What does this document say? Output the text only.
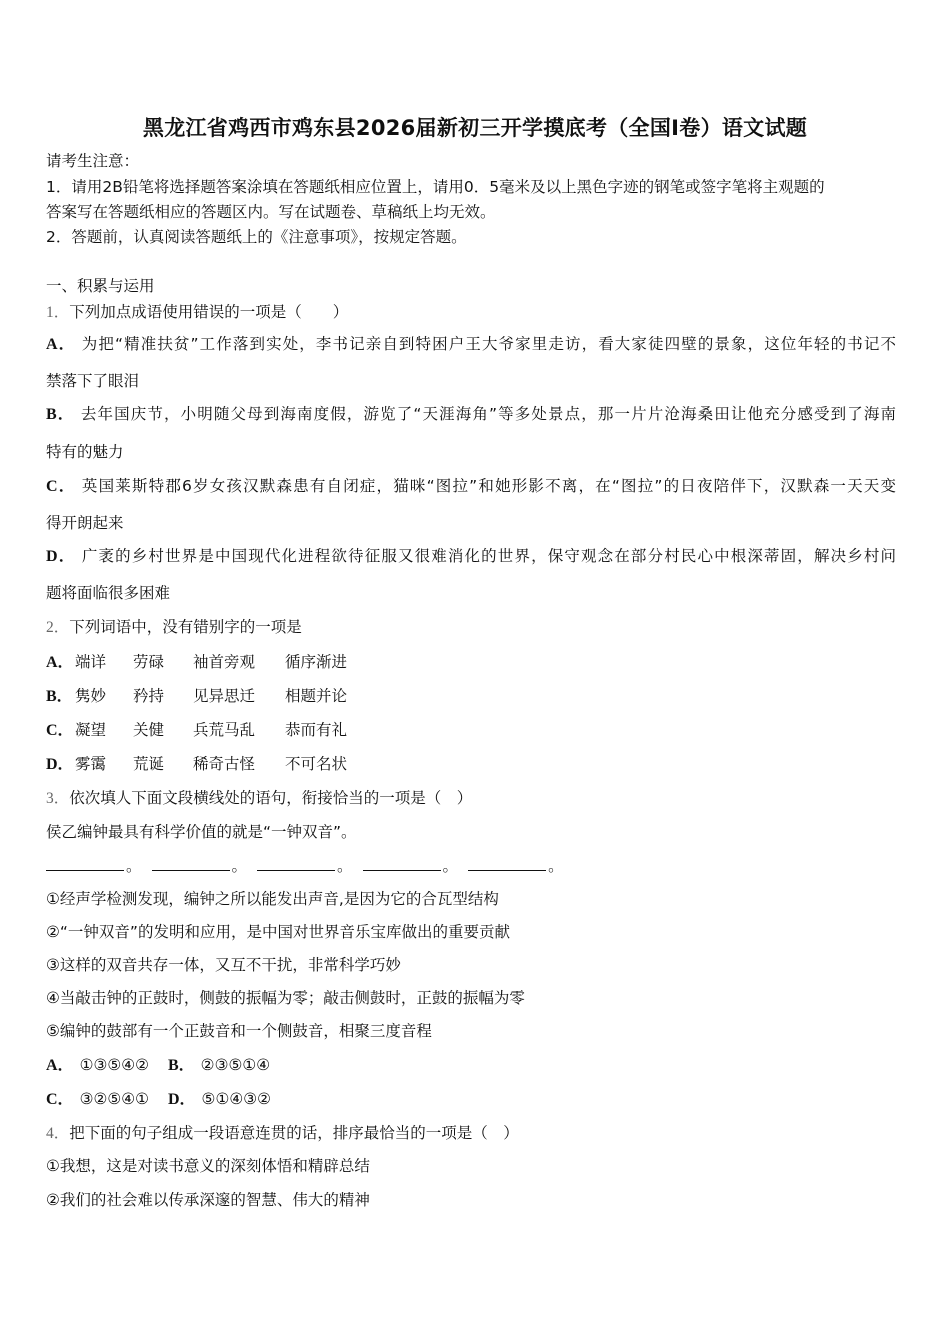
黑龙江省鸡西市鸡东县2026届新初三开学摸底考（全国Ⅰ卷）语文试题
请考生注意：
1．请用2B铅笔将选择题答案涂填在答题纸相应位置上，请用0．5毫米及以上黑色字迹的钢笔或签字笔将主观题的
答案写在答题纸相应的答题区内。写在试题卷、草稿纸上均无效。
2．答题前，认真阅读答题纸上的《注意事项》，按规定答题。
一、积累与运用
1．下列加点成语使用错误的一项是（　　）
A． 为把“精准扶贫”工作落到实处，李书记亲自到特困户王大爷家里走访，看大家徒四壁的景象，这位年轻的书记不
禁落下了眼泪
B． 去年国庆节，小明随父母到海南度假，游览了“天涯海角”等多处景点，那一片片沧海桑田让他充分感受到了海南
特有的魅力
C． 英国莱斯特郡6岁女孩汉默森患有自闭症，猫咪“图拉”和她形影不离，在“图拉”的日夜陪伴下，汉默森一天天变
得开朗起来
D． 广袤的乡村世界是中国现代化进程欲待征服又很难消化的世界，保守观念在部分村民心中根深蒂固，解决乡村问
题将面临很多困难
2．下列词语中，没有错别字的一项是
A． 端详 劳碌 袖首旁观 循序渐进
B． 隽妙 矜持 见异思迁 相题并论
C． 凝望 关健 兵荒马乱 恭而有礼
D． 雾霭 荒诞 稀奇古怪 不可名状
3．依次填人下面文段横线处的语句，衔接恰当的一项是（　）
侯乙编钟最具有科学价值的就是“一钟双音”。
。	。	。	。	。
①经声学检测发现，编钟之所以能发出声音,是因为它的合瓦型结构
②“一钟双音”的发明和应用，是中国对世界音乐宝库做出的重要贡献
③这样的双音共存一体，又互不干扰，非常科学巧妙
④当敲击钟的正鼓时，侧鼓的振幅为零；敲击侧鼓时，正鼓的振幅为零
⑤编钟的鼓部有一个正鼓音和一个侧鼓音，相聚三度音程
A． ①③⑤④② B． ②③⑤①④
C． ③②⑤④① D． ⑤①④③②
4．把下面的句子组成一段语意连贯的话，排序最恰当的一项是（　）
①我想，这是对读书意义的深刻体悟和精辟总结
②我们的社会难以传承深邃的智慧、伟大的精神
